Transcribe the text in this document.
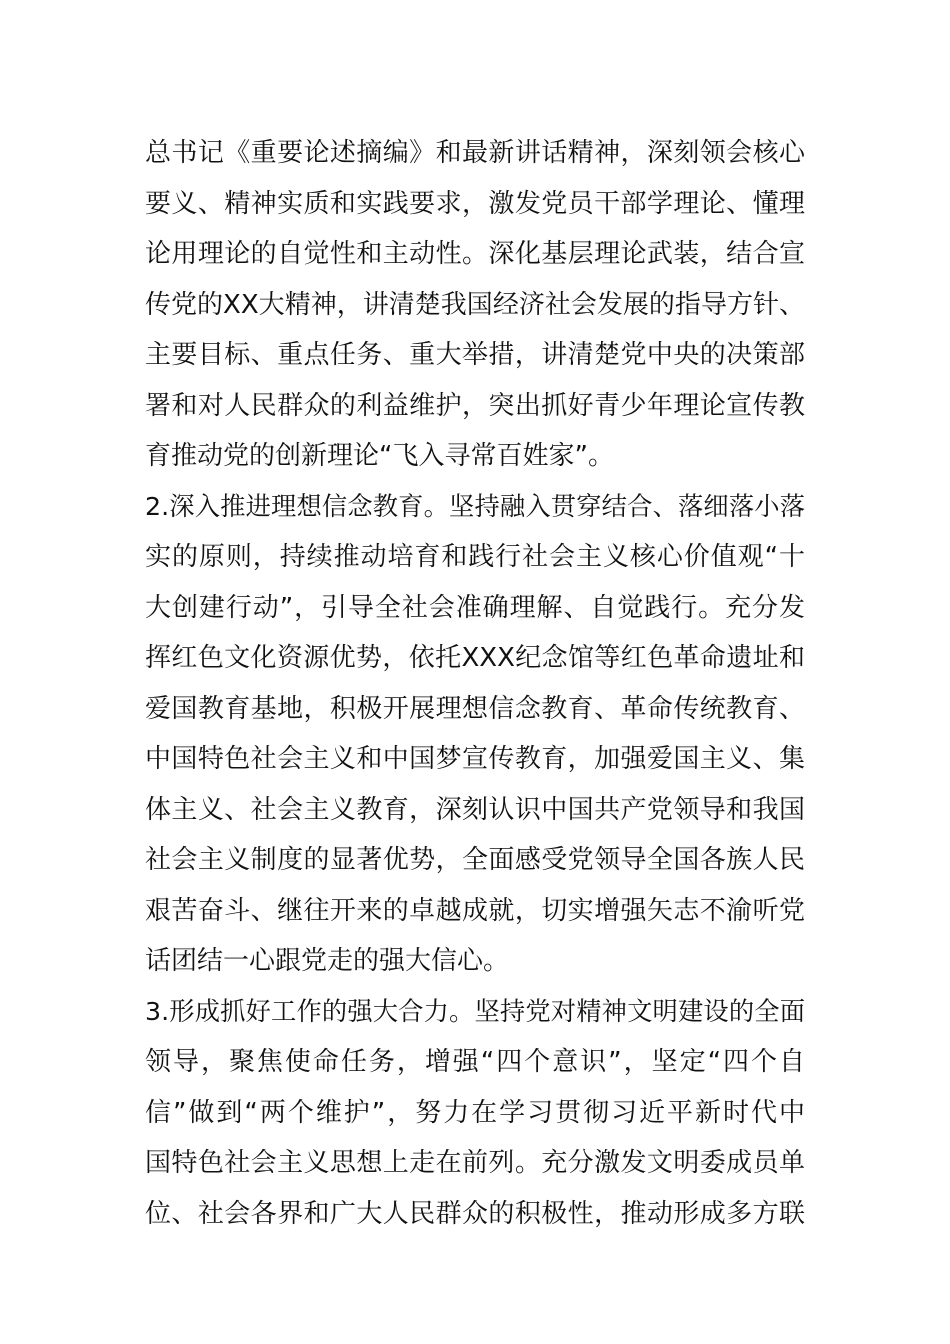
总书记《重要论述摘编》和最新讲话精神，深刻领会核心
要义、精神实质和实践要求，激发党员干部学理论、懂理
论用理论的自觉性和主动性。深化基层理论武装，结合宣
传党的XX大精神，讲清楚我国经济社会发展的指导方针、
主要目标、重点任务、重大举措，讲清楚党中央的决策部
署和对人民群众的利益维护，突出抓好青少年理论宣传教
育推动党的创新理论“飞入寻常百姓家”。
2.深入推进理想信念教育。坚持融入贯穿结合、落细落小落
实的原则，持续推动培育和践行社会主义核心价值观“十
大创建行动”，引导全社会准确理解、自觉践行。充分发
挥红色文化资源优势，依托XXX纪念馆等红色革命遗址和
爱国教育基地，积极开展理想信念教育、革命传统教育、
中国特色社会主义和中国梦宣传教育，加强爱国主义、集
体主义、社会主义教育，深刻认识中国共产党领导和我国
社会主义制度的显著优势，全面感受党领导全国各族人民
艰苦奋斗、继往开来的卓越成就，切实增强矢志不渝听党
话团结一心跟党走的强大信心。
3.形成抓好工作的强大合力。坚持党对精神文明建设的全面
领导，聚焦使命任务，增强“四个意识”，坚定“四个自
信”做到“两个维护”，努力在学习贯彻习近平新时代中
国特色社会主义思想上走在前列。充分激发文明委成员单
位、社会各界和广大人民群众的积极性，推动形成多方联
